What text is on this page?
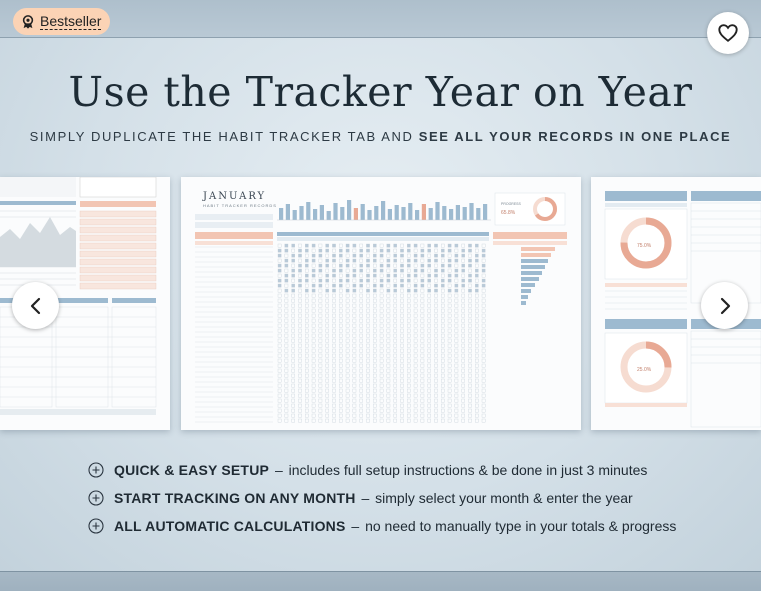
Bestseller
Use the Tracker Year on Year
SIMPLY DUPLICATE THE HABIT TRACKER TAB AND SEE ALL YOUR RECORDS IN ONE PLACE
JANUARY
HABIT TRACKER RECORDS	PROGRESS
65.8%
75.0%
25.0%
QUICK & EASY SETUP – includes full setup instructions & be done in just 3 minutes
START TRACKING ON ANY MONTH – simply select your month & enter the year
ALL AUTOMATIC CALCULATIONS – no need to manually type in your totals & progress
